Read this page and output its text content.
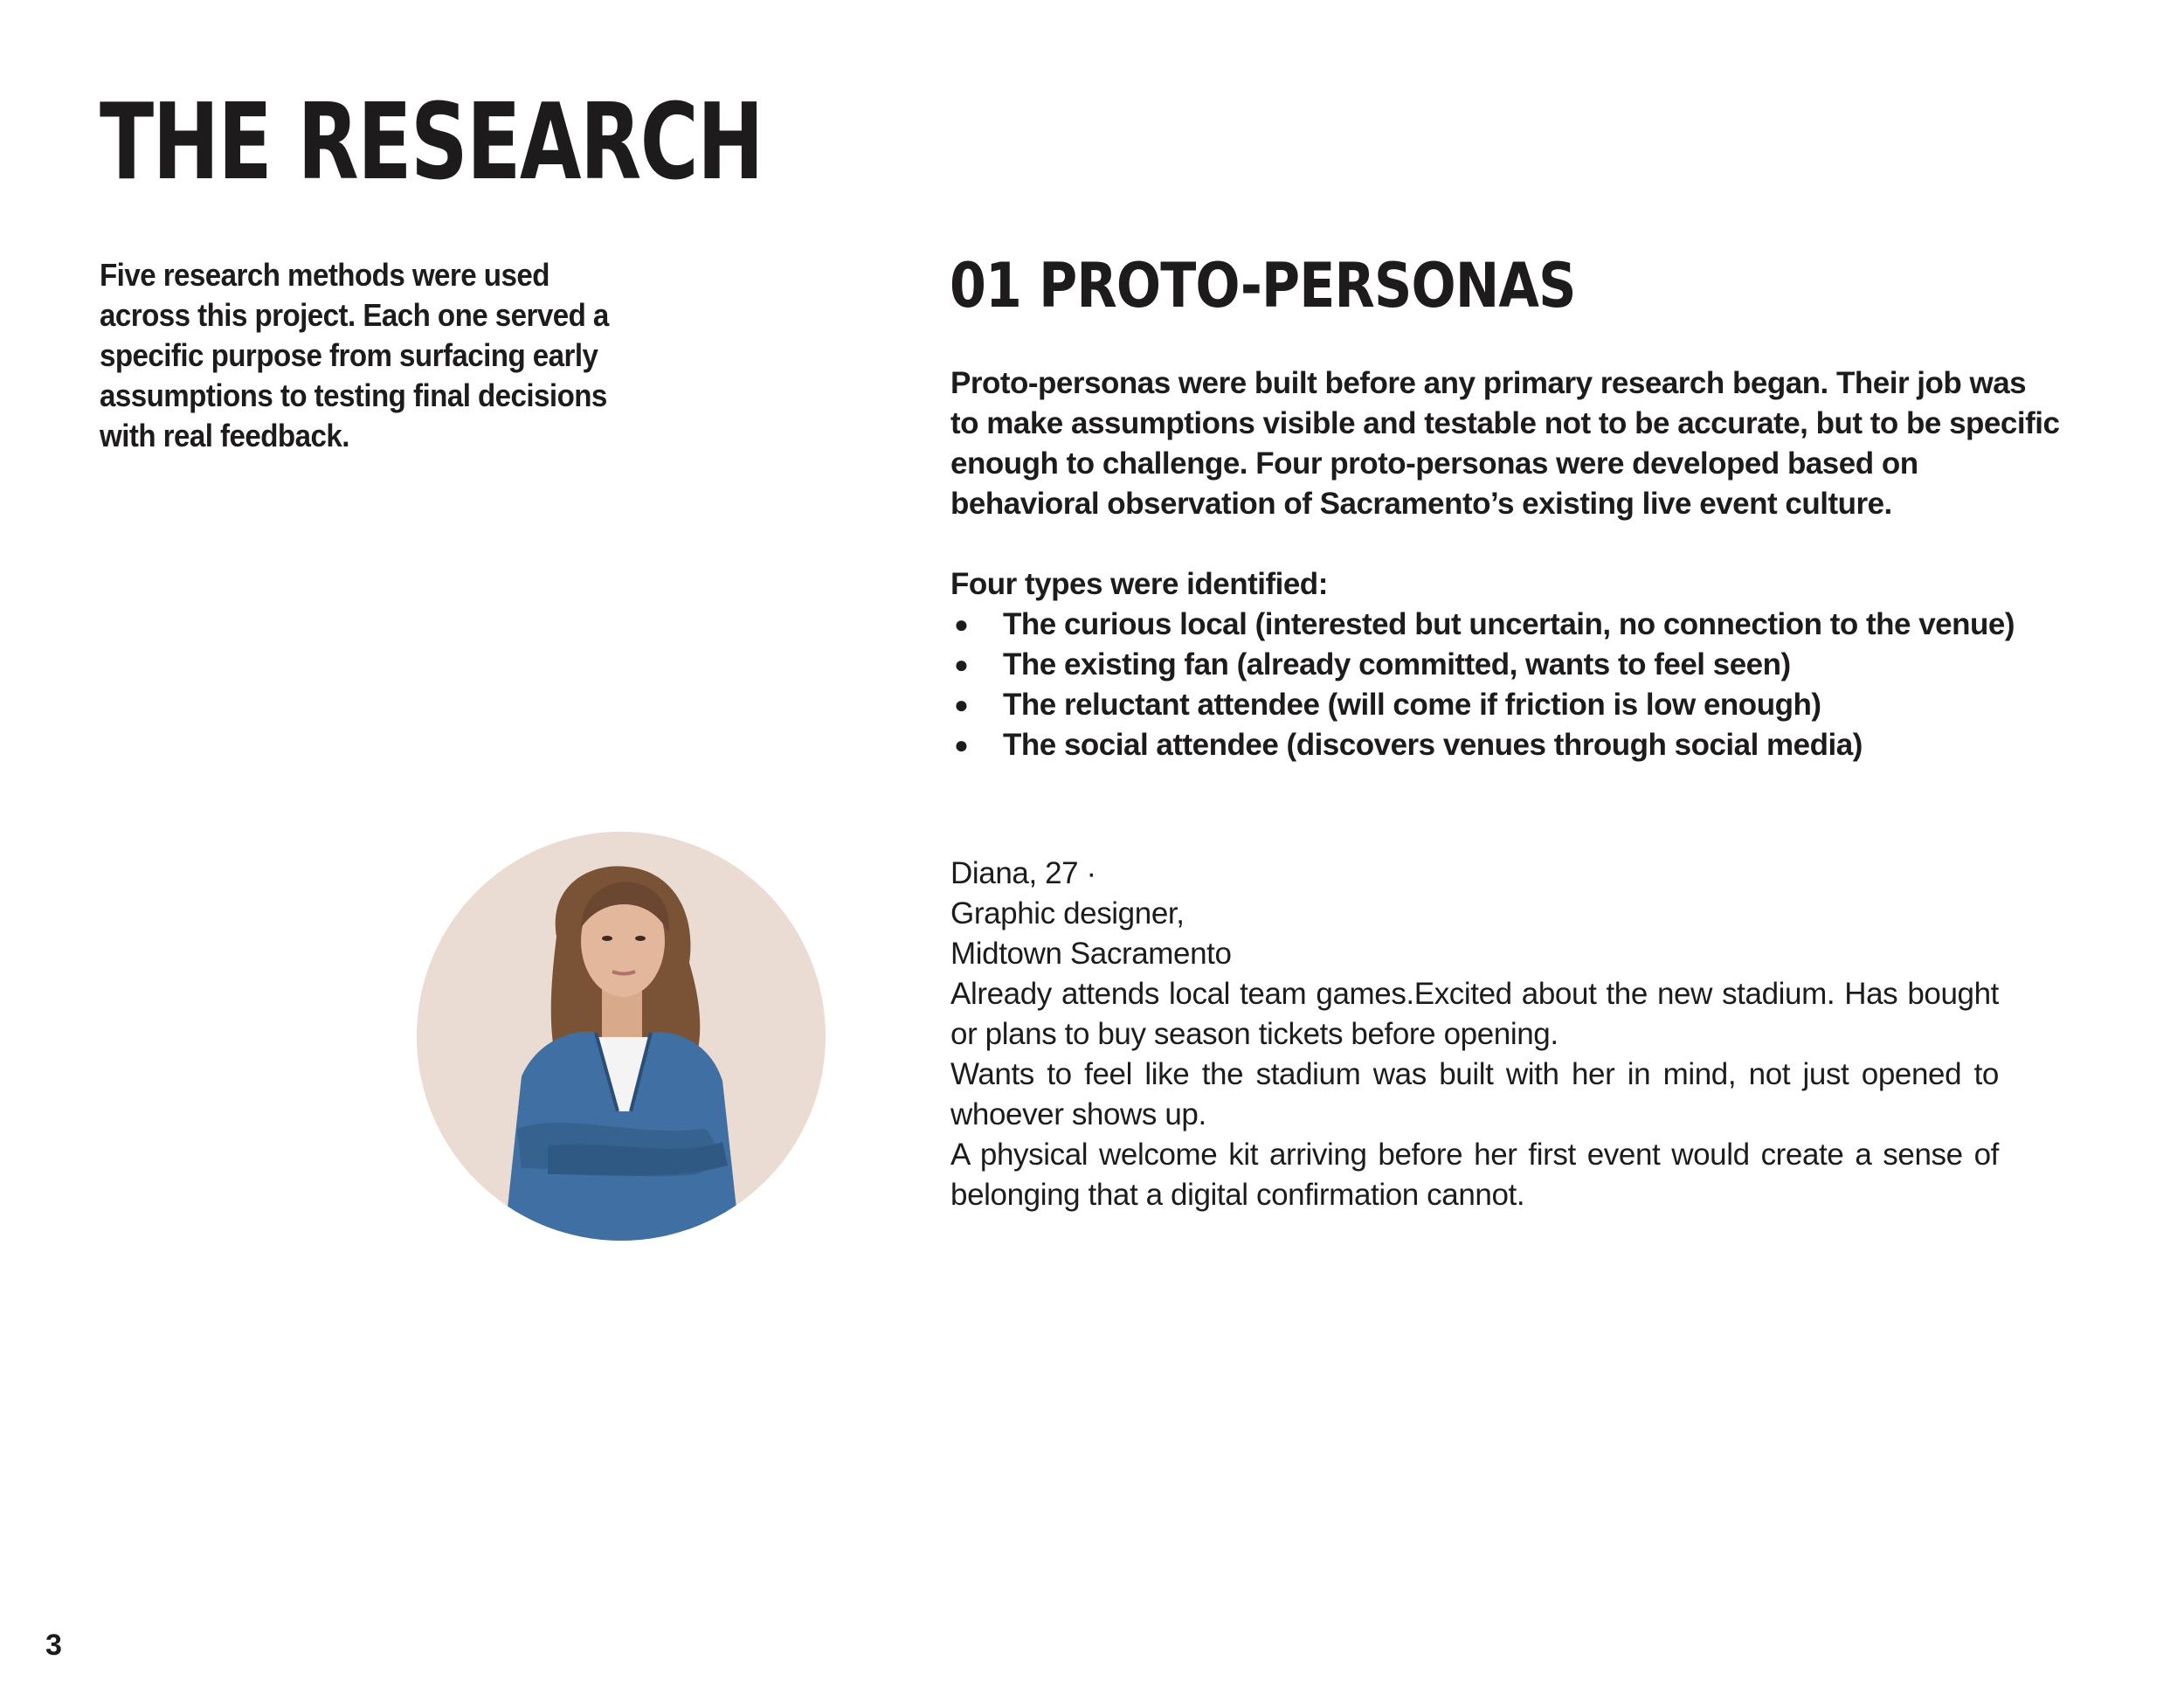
THE RESEARCH

Five research methods were used across this project. Each one served a specific purpose from surfacing early assumptions to testing final decisions with real feedback.

01 PROTO-PERSONAS

Proto-personas were built before any primary research began. Their job was to make assumptions visible and testable not to be accurate, but to be specific enough to challenge. Four proto-personas were developed based on behavioral observation of Sacramento’s existing live event culture.

Four types were identified:

● The curious local (interested but uncertain, no connection to the venue)
● The existing fan (already committed, wants to feel seen)
● The reluctant attendee (will come if friction is low enough)
● The social attendee (discovers venues through social media)
Diana, 27 ·
Graphic designer,
Midtown Sacramento
Already attends local team games.Excited about the new stadium. Has bought or plans to buy season tickets before opening.
Wants to feel like the stadium was built with her in mind, not just opened to whoever shows up.
A physical welcome kit arriving before her first event would create a sense of belonging that a digital confirmation cannot.
3
